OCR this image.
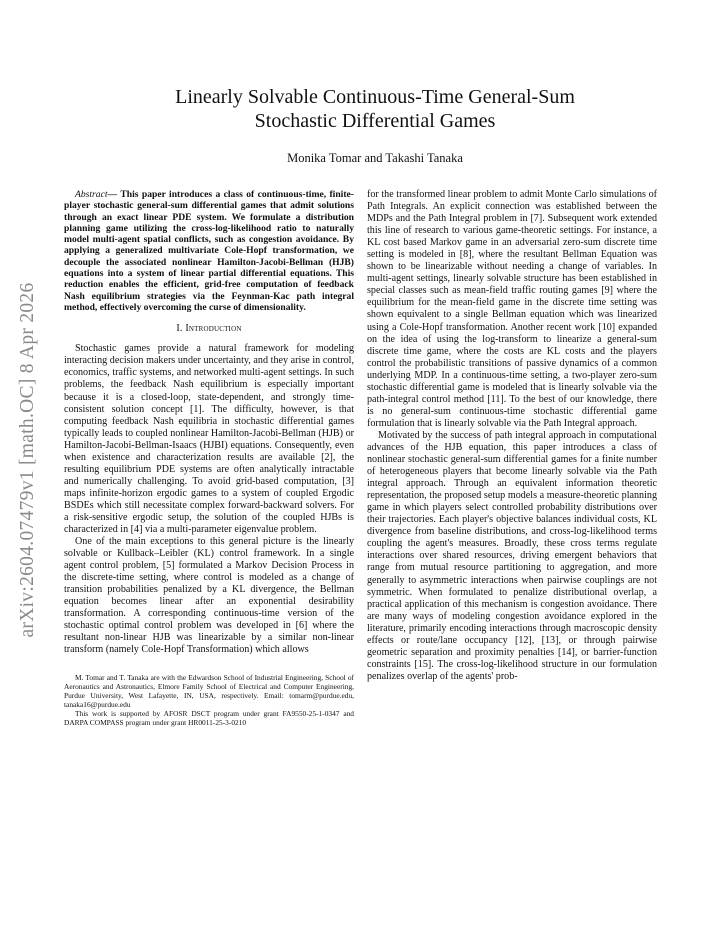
arXiv:2604.07479v1 [math.OC] 8 Apr 2026
Linearly Solvable Continuous-Time General-Sum
Stochastic Differential Games
Monika Tomar and Takashi Tanaka

Abstract— This paper introduces a class of continuous-time, finite-player stochastic general-sum differential games that admit solutions through an exact linear PDE system. We formulate a distribution planning game utilizing the cross-log-likelihood ratio to naturally model multi-agent spatial conflicts, such as congestion avoidance. By applying a generalized multivariate Cole-Hopf transformation, we decouple the associated nonlinear Hamilton-Jacobi-Bellman (HJB) equations into a system of linear partial differential equations. This reduction enables the efficient, grid-free computation of feedback Nash equilibrium strategies via the Feynman-Kac path integral method, effectively overcoming the curse of dimensionality.

I. Introduction

Stochastic games provide a natural framework for modeling interacting decision makers under uncertainty, and they arise in control, economics, traffic systems, and networked multi-agent settings. In such problems, the feedback Nash equilibrium is especially important because it is a closed-loop, state-dependent, and strongly time-consistent solution concept [1]. The difficulty, however, is that computing feedback Nash equilibria in stochastic differential games typically leads to coupled nonlinear Hamilton-Jacobi-Bellman (HJB) or Hamilton-Jacobi-Bellman-Isaacs (HJBI) equations. Consequently, even when existence and characterization results are available [2], the resulting equilibrium PDE systems are often analytically intractable and numerically challenging. To avoid grid-based computation, [3] maps infinite-horizon ergodic games to a system of coupled Ergodic BSDEs which still necessitate complex forward-backward solvers. For a risk-sensitive ergodic setup, the solution of the coupled HJBs is characterized in [4] via a multi-parameter eigenvalue problem.

One of the main exceptions to this general picture is the linearly solvable or Kullback–Leibler (KL) control framework. In a single agent control problem, [5] formulated a Markov Decision Process in the discrete-time setting, where control is modeled as a change of transition probabilities penalized by a KL divergence, the Bellman equation becomes linear after an exponential desirability transformation. A corresponding continuous-time version of the stochastic optimal control problem was developed in [6] where the resultant non-linear HJB was linearizable by a similar non-linear transform (namely Cole-Hopf Transformation) which allows

M. Tomar and T. Tanaka are with the Edwardson School of Industrial Engineering, School of Aeronautics and Astronautics, Elmore Family School of Electrical and Computer Engineering, Purdue University, West Lafayette, IN, USA, respectively. Email: tomarm@purdue.edu, tanaka16@purdue.edu

This work is supported by AFOSR DSCT program under grant FA9550-25-1-0347 and DARPA COMPASS program under grant HR0011-25-3-0210

for the transformed linear problem to admit Monte Carlo simulations of Path Integrals. An explicit connection was established between the MDPs and the Path Integral problem in [7]. Subsequent work extended this line of research to various game-theoretic settings. For instance, a KL cost based Markov game in an adversarial zero-sum discrete time setting is modeled in [8], where the resultant Bellman Equation was shown to be linearizable without needing a change of variables. In multi-agent settings, linearly solvable structure has been established in special classes such as mean-field traffic routing games [9] where the equilibrium for the mean-field game in the discrete time setting was shown equivalent to a single Bellman equation which was linearized using a Cole-Hopf transformation. Another recent work [10] expanded on the idea of using the log-transform to linearize a general-sum discrete time game, where the costs are KL costs and the players control the probabilistic transitions of passive dynamics of a common underlying MDP. In a continuous-time setting, a two-player zero-sum stochastic differential game is modeled that is linearly solvable via the path-integral control method [11]. To the best of our knowledge, there is no general-sum continuous-time stochastic differential game formulation that is linearly solvable via the Path Integral approach.

Motivated by the success of path integral approach in computational advances of the HJB equation, this paper introduces a class of nonlinear stochastic general-sum differential games for a finite number of heterogeneous players that become linearly solvable via the Path integral approach. Through an equivalent information theoretic representation, the proposed setup models a measure-theoretic planning game in which players select controlled probability distributions over their trajectories. Each player's objective balances individual costs, KL divergence from baseline distributions, and cross-log-likelihood terms coupling the agent's measures. Broadly, these cross terms regulate interactions over shared resources, driving emergent behaviors that range from mutual resource partitioning to aggregation, and more generally to asymmetric interactions when pairwise couplings are not symmetric. When formulated to penalize distributional overlap, a practical application of this mechanism is congestion avoidance. There are many ways of modeling congestion avoidance explored in the literature, primarily encoding interactions through macroscopic density effects or route/lane occupancy [12], [13], or through pairwise geometric separation and proximity penalties [14], or barrier-function constraints [15]. The cross-log-likelihood structure in our formulation penalizes overlap of the agents' prob-
